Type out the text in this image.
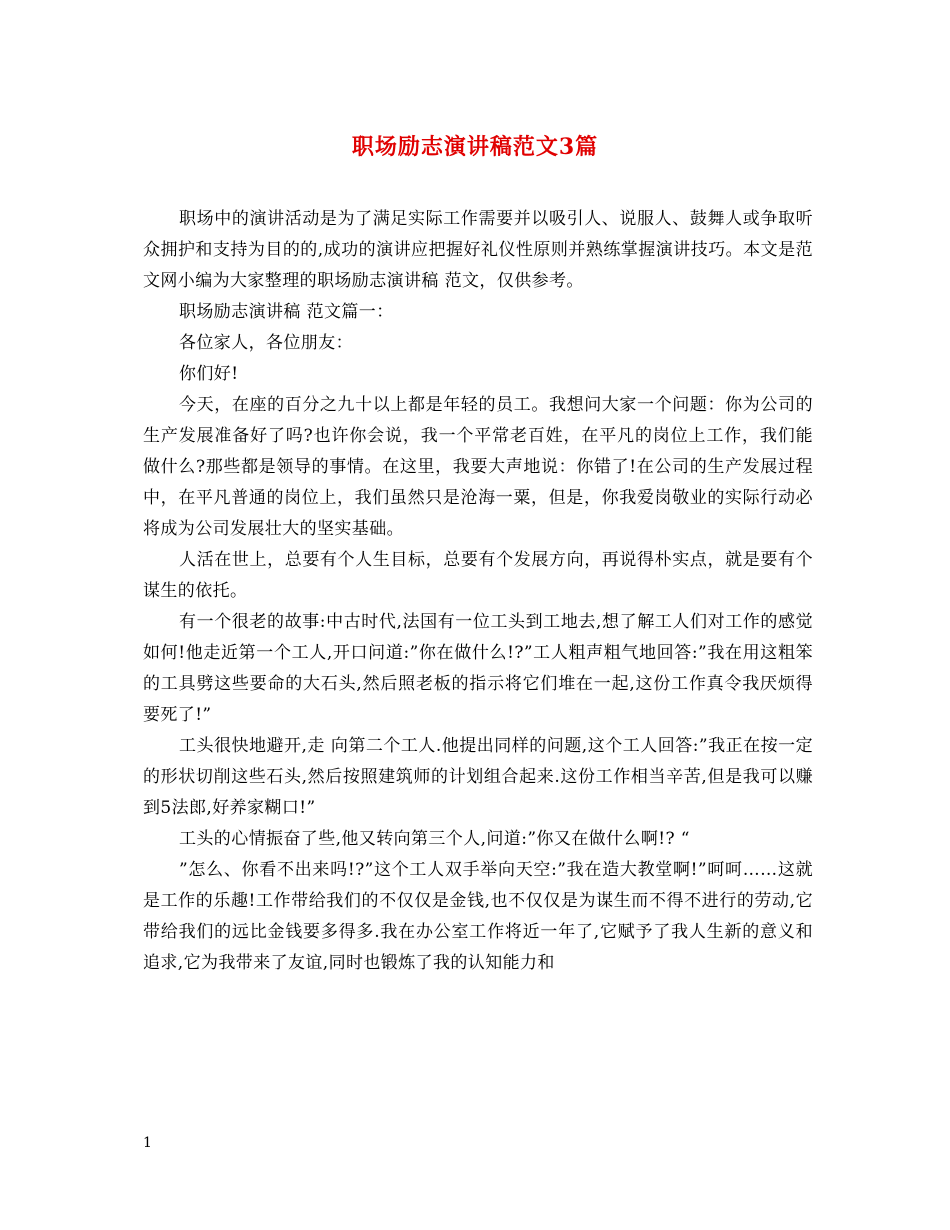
职场励志演讲稿范文3篇

职场中的演讲活动是为了满足实际工作需要并以吸引人、说服人、鼓舞人或争取听众拥护和支持为目的的,成功的演讲应把握好礼仪性原则并熟练掌握演讲技巧。本文是范文网小编为大家整理的职场励志演讲稿 范文，仅供参考。

职场励志演讲稿 范文篇一：

各位家人，各位朋友：

你们好!

今天，在座的百分之九十以上都是年轻的员工。我想问大家一个问题：你为公司的生产发展准备好了吗?也许你会说，我一个平常老百姓，在平凡的岗位上工作，我们能做什么?那些都是领导的事情。在这里，我要大声地说：你错了!在公司的生产发展过程中，在平凡普通的岗位上，我们虽然只是沧海一粟，但是，你我爱岗敬业的实际行动必将成为公司发展壮大的坚实基础。

人活在世上，总要有个人生目标，总要有个发展方向，再说得朴实点，就是要有个谋生的依托。

有一个很老的故事:中古时代,法国有一位工头到工地去,想了解工人们对工作的感觉如何!他走近第一个工人,开口问道:”你在做什么!?”工人粗声粗气地回答:”我在用这粗笨的工具劈这些要命的大石头,然后照老板的指示将它们堆在一起,这份工作真令我厌烦得要死了!”

工头很快地避开,走 向第二个工人.他提出同样的问题,这个工人回答:”我正在按一定的形状切削这些石头,然后按照建筑师的计划组合起来.这份工作相当辛苦,但是我可以赚到5法郎,好养家糊口!”

工头的心情振奋了些,他又转向第三个人,问道:”你又在做什么啊!? “

”怎么、你看不出来吗!?”这个工人双手举向天空:”我在造大教堂啊!”呵呵……这就是工作的乐趣!工作带给我们的不仅仅是金钱,也不仅仅是为谋生而不得不进行的劳动,它带给我们的远比金钱要多得多.我在办公室工作将近一年了,它赋予了我人生新的意义和追求,它为我带来了友谊,同时也锻炼了我的认知能力和

1
